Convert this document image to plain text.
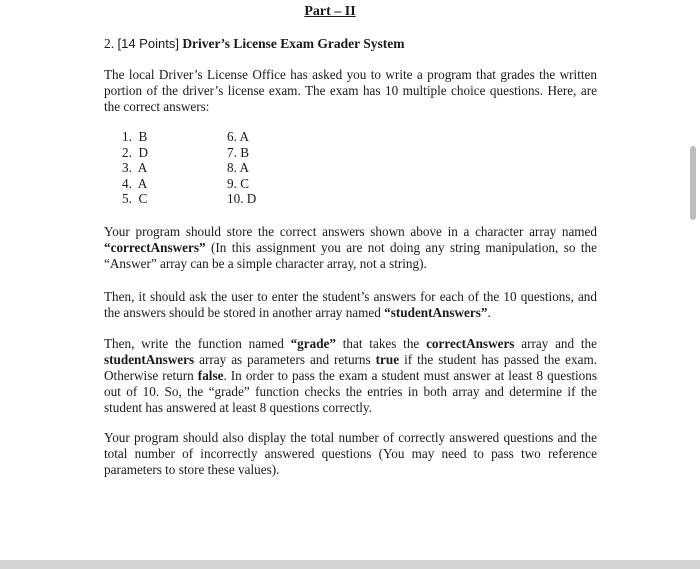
Part – II
2. [14 Points] Driver’s License Exam Grader System

The local Driver’s License Office has asked you to write a program that grades the written portion of the driver’s license exam. The exam has 10 multiple choice questions. Here, are the correct answers:

1.  B
2.  D
3.  A
4.  A
5.  C
6. A
7. B
8. A
9. C
10. D

Your program should store the correct answers shown above in a character array named “correctAnswers” (In this assignment you are not doing any string manipulation, so the “Answer” array can be a simple character array, not a string).

Then, it should ask the user to enter the student’s answers for each of the 10 questions, and the answers should be stored in another array named “studentAnswers”.

Then, write the function named “grade” that takes the correctAnswers array and the studentAnswers array as parameters and returns true if the student has passed the exam. Otherwise return false. In order to pass the exam a student must answer at least 8 questions out of 10. So, the “grade” function checks the entries in both array and determine if the student has answered at least 8 questions correctly.

Your program should also display the total number of correctly answered questions and the total number of incorrectly answered questions (You may need to pass two reference parameters to store these values).
